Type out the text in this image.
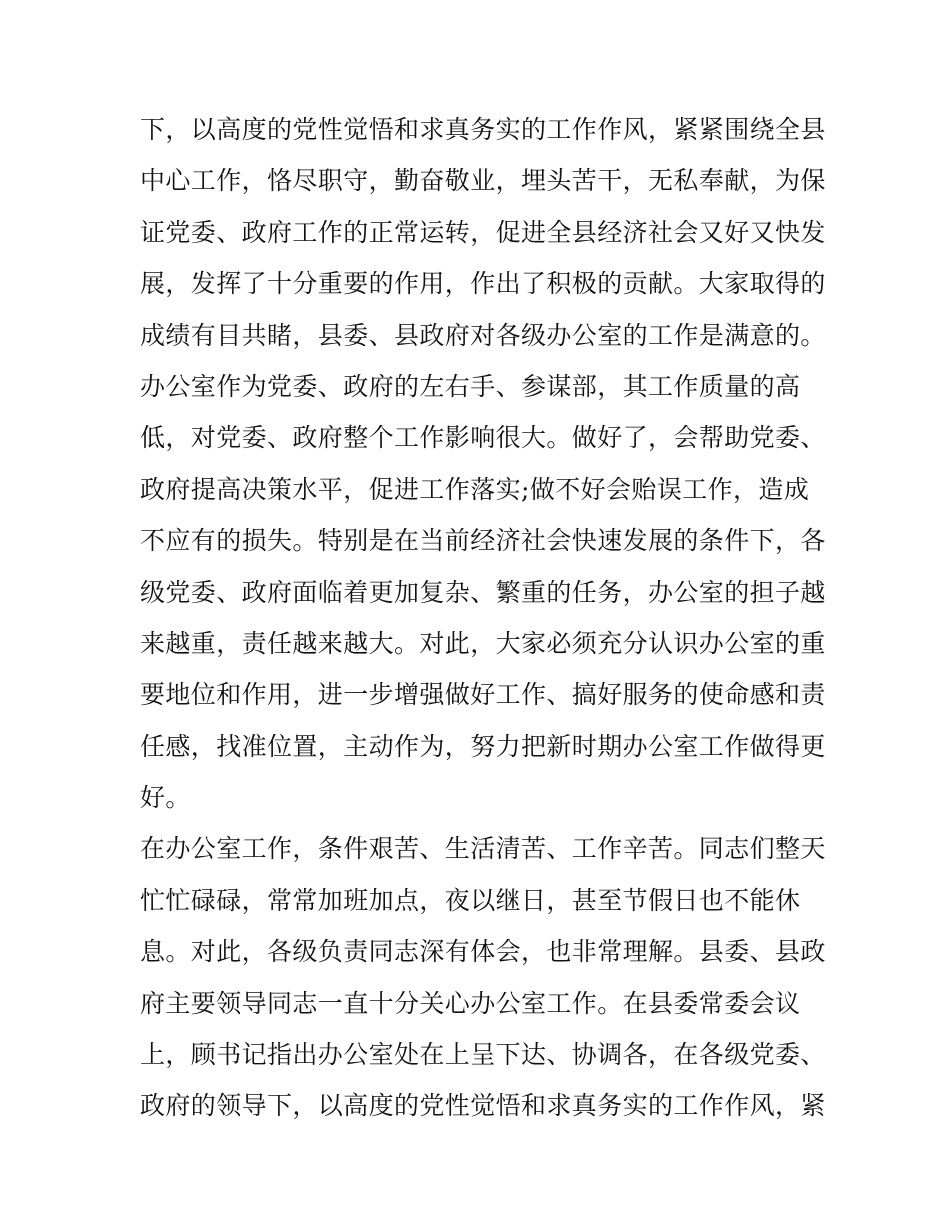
下，以高度的党性觉悟和求真务实的工作作风，紧紧围绕全县
中心工作，恪尽职守，勤奋敬业，埋头苦干，无私奉献，为保
证党委、政府工作的正常运转，促进全县经济社会又好又快发
展，发挥了十分重要的作用，作出了积极的贡献。大家取得的
成绩有目共睹，县委、县政府对各级办公室的工作是满意的。
办公室作为党委、政府的左右手、参谋部，其工作质量的高
低，对党委、政府整个工作影响很大。做好了，会帮助党委、
政府提高决策水平，促进工作落实;做不好会贻误工作，造成
不应有的损失。特别是在当前经济社会快速发展的条件下，各
级党委、政府面临着更加复杂、繁重的任务，办公室的担子越
来越重，责任越来越大。对此，大家必须充分认识办公室的重
要地位和作用，进一步增强做好工作、搞好服务的使命感和责
任感，找准位置，主动作为，努力把新时期办公室工作做得更
好。
在办公室工作，条件艰苦、生活清苦、工作辛苦。同志们整天
忙忙碌碌，常常加班加点，夜以继日，甚至节假日也不能休
息。对此，各级负责同志深有体会，也非常理解。县委、县政
府主要领导同志一直十分关心办公室工作。在县委常委会议
上，顾书记指出办公室处在上呈下达、协调各，在各级党委、
政府的领导下，以高度的党性觉悟和求真务实的工作作风，紧
